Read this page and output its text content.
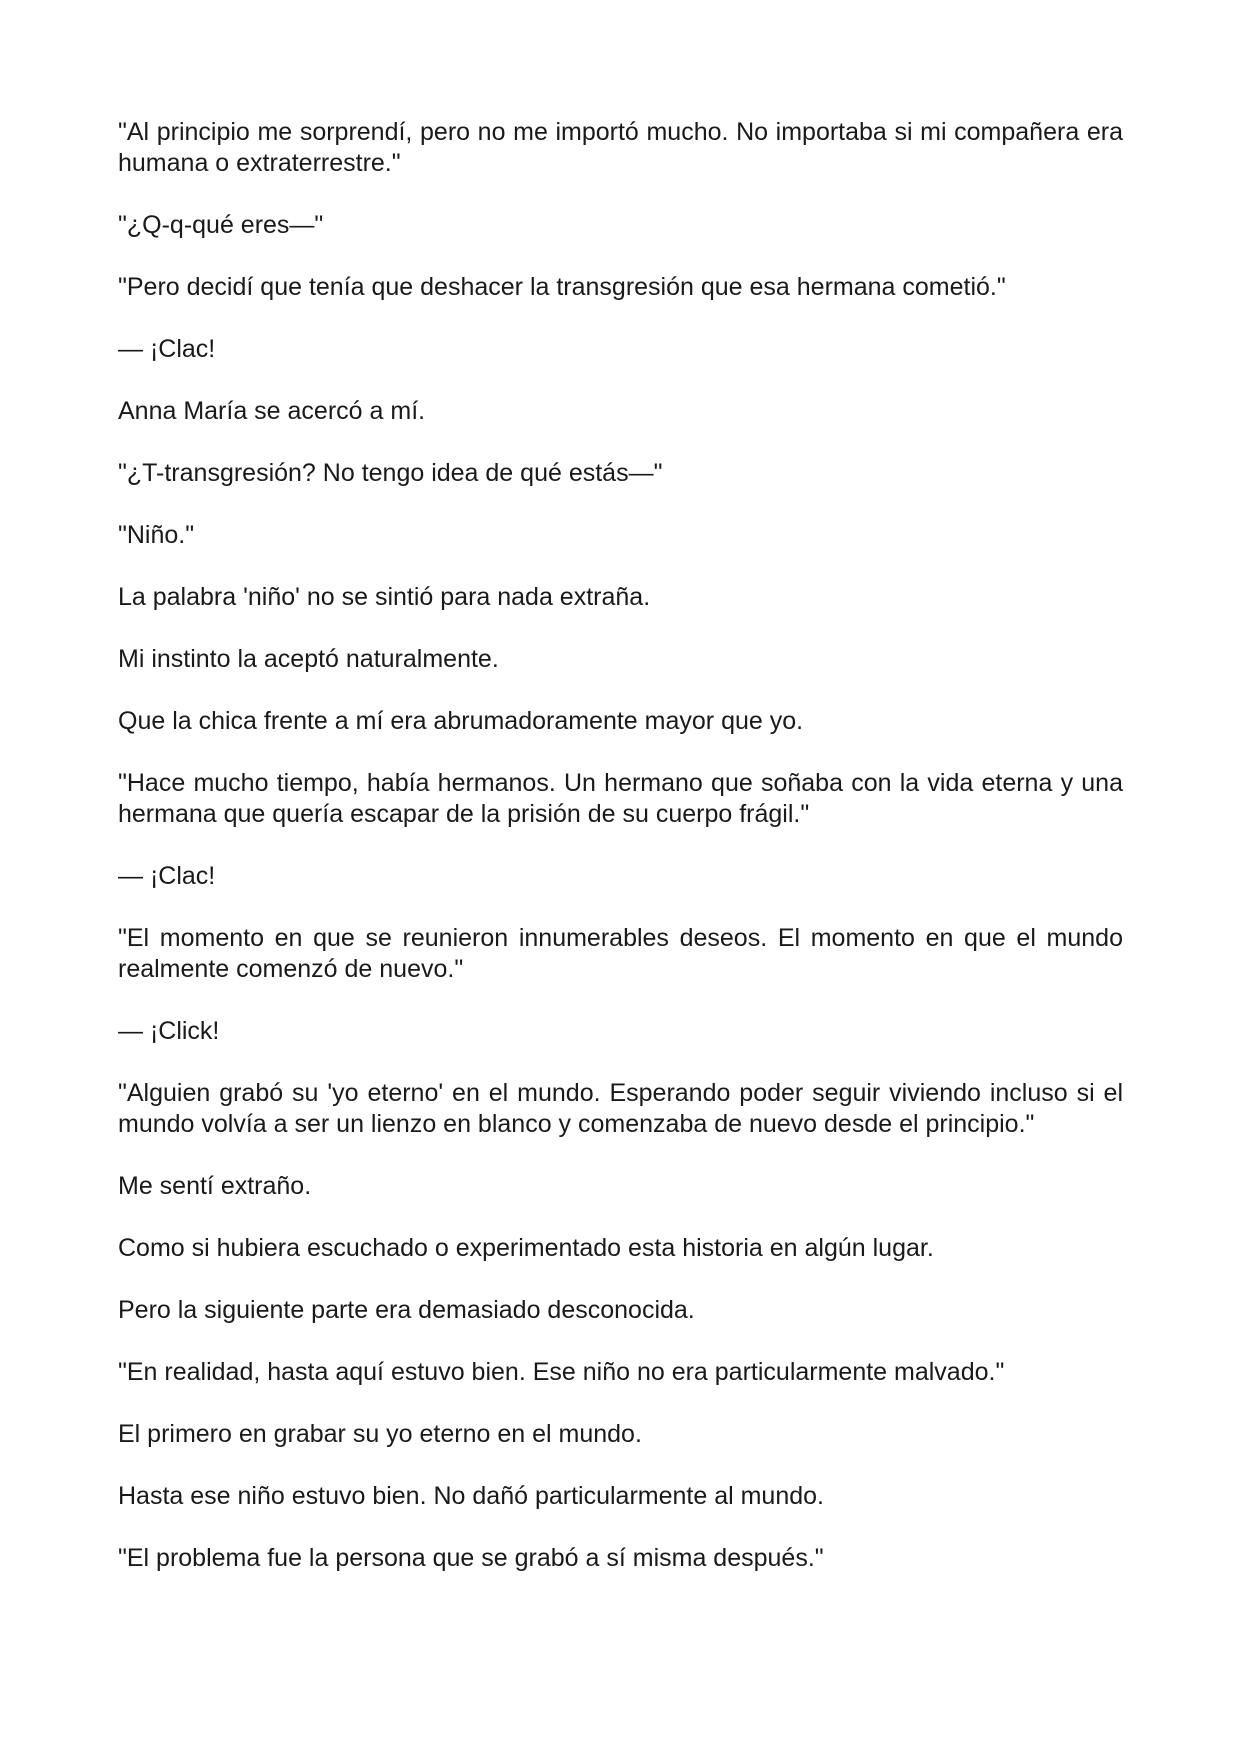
"Al principio me sorprendí, pero no me importó mucho. No importaba si mi compañera era humana o extraterrestre."

"¿Q-q-qué eres—"

"Pero decidí que tenía que deshacer la transgresión que esa hermana cometió."

— ¡Clac!

Anna María se acercó a mí.

"¿T-transgresión? No tengo idea de qué estás—"

"Niño."

La palabra 'niño' no se sintió para nada extraña.

Mi instinto la aceptó naturalmente.

Que la chica frente a mí era abrumadoramente mayor que yo.

"Hace mucho tiempo, había hermanos. Un hermano que soñaba con la vida eterna y una hermana que quería escapar de la prisión de su cuerpo frágil."

— ¡Clac!

"El momento en que se reunieron innumerables deseos. El momento en que el mundo realmente comenzó de nuevo."

— ¡Click!

"Alguien grabó su 'yo eterno' en el mundo. Esperando poder seguir viviendo incluso si el mundo volvía a ser un lienzo en blanco y comenzaba de nuevo desde el principio."

Me sentí extraño.

Como si hubiera escuchado o experimentado esta historia en algún lugar.

Pero la siguiente parte era demasiado desconocida.

"En realidad, hasta aquí estuvo bien. Ese niño no era particularmente malvado."

El primero en grabar su yo eterno en el mundo.

Hasta ese niño estuvo bien. No dañó particularmente al mundo.

"El problema fue la persona que se grabó a sí misma después."
